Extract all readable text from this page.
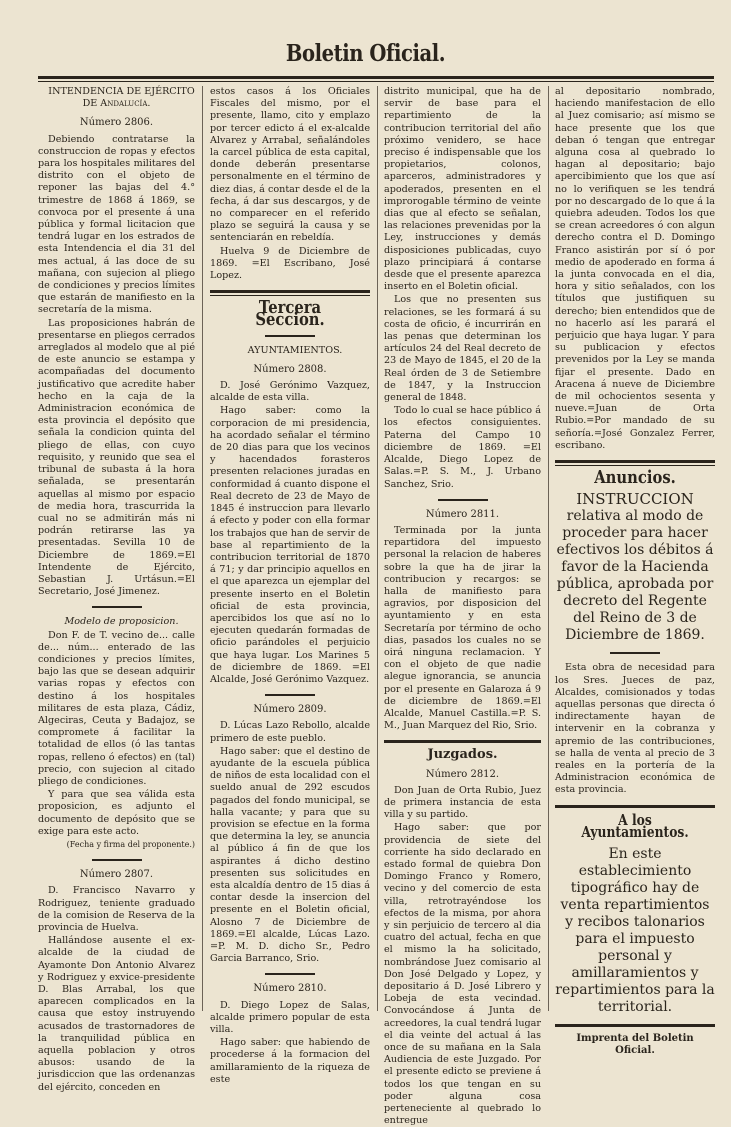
Boletin Oficial.

INTENDENCIA DE EJÉRCITO DE Andalucía.

Número 2806.

Debiendo contratarse la construccion de ropas y efectos para los hospitales militares del distrito con el objeto de reponer las bajas del 4.° trimestre de 1868 á 1869, se convoca por el presente á una pública y formal licitacion que tendrá lugar en los estrados de esta Intendencia el dia 31 del mes actual, á las doce de su mañana, con sujecion al pliego de condiciones y precios límites que estarán de manifiesto en la secretaría de la misma.

Las proposiciones habrán de presentarse en pliegos cerrados arreglados al modelo que al pié de este anuncio se estampa y acompañadas del documento justificativo que acredite haber hecho en la caja de la Administracion económica de esta provincia el depósito que señala la condicion quinta del pliego de ellas, con cuyo requisito, y reunido que sea el tribunal de subasta á la hora señalada, se presentarán aquellas al mismo por espacio de media hora, trascurrida la cual no se admitirán más ni podrán retirarse las ya presentadas. Sevilla 10 de Diciembre de 1869.=El Intendente de Ejército, Sebastian J. Urtásun.=El Secretario, José Jimenez.

Modelo de proposicion.

Don F. de T. vecino de... calle de... núm... enterado de las condiciones y precios límites, bajo las que se desean adquirir varias ropas y efectos con destino á los hospitales militares de esta plaza, Cádiz, Algeciras, Ceuta y Badajoz, se compromete á facilitar la totalidad de ellos (ó las tantas ropas, relleno ó efectos) en (tal) precio, con sujecion al citado pliego de condiciones.

Y para que sea válida esta proposicion, es adjunto el documento de depósito que se exige para este acto.

(Fecha y firma del proponente.)

Número 2807.

D. Francisco Navarro y Rodriguez, teniente graduado de la comision de Reserva de la provincia de Huelva.

Hallándose ausente el ex-alcalde de la ciudad de Ayamonte Don Antonio Alvarez y Rodriguez y exvice-presidente D. Blas Arrabal, los que aparecen complicados en la causa que estoy instruyendo acusados de trastornadores de la tranquilidad pública en aquella poblacion y otros abusos: usando de la jurisdiccion que las ordenanzas del ejército, conceden en

estos casos á los Oficiales Fiscales del mismo, por el presente, llamo, cito y emplazo por tercer edicto á el ex-alcalde Alvarez y Arrabal, señalándoles la carcel pública de esta capital, donde deberán presentarse personalmente en el término de diez dias, á contar desde el de la fecha, á dar sus descargos, y de no comparecer en el referido plazo se seguirá la causa y se sentenciarán en rebeldía.

Huelva 9 de Diciembre de 1869. =El Escribano, José Lopez.

Tercera Seccion.

AYUNTAMIENTOS.

Número 2808.

D. José Gerónimo Vazquez, alcalde de esta villa.

Hago saber: como la corporacion de mi presidencia, ha acordado señalar el término de 20 dias para que los vecinos y hacendados forasteros presenten relaciones juradas en conformidad á cuanto dispone el Real decreto de 23 de Mayo de 1845 é instruccion para llevarlo á efecto y poder con ella formar los trabajos que han de servir de base al repartimiento de la contribucion territorial de 1870 á 71; y dar principio aquellos en el que aparezca un ejemplar del presente inserto en el Boletin oficial de esta provincia, apercibidos los que así no lo ejecuten quedarán formadas de oficio parándoles el perjuicio que haya lugar. Los Marines 5 de diciembre de 1869. =El Alcalde, José Gerónimo Vazquez.

Número 2809.

D. Lúcas Lazo Rebollo, alcalde primero de este pueblo.

Hago saber: que el destino de ayudante de la escuela pública de niños de esta localidad con el sueldo anual de 292 escudos pagados del fondo municipal, se halla vacante; y para que su provision se efectue en la forma que determina la ley, se anuncia al público á fin de que los aspirantes á dicho destino presenten sus solicitudes en esta alcaldía dentro de 15 dias á contar desde la insercion del presente en el Boletin oficial, Alosno 7 de Diciembre de 1869.=El alcalde, Lúcas Lazo. =P. M. D. dicho Sr., Pedro Garcia Barranco, Srio.

Número 2810.

D. Diego Lopez de Salas, alcalde primero popular de esta villa.

Hago saber: que habiendo de procederse á la formacion del amillaramiento de la riqueza de este

distrito municipal, que ha de servir de base para el repartimiento de la contribucion territorial del año próximo venidero, se hace preciso é indispensable que los propietarios, colonos, aparceros, administradores y apoderados, presenten en el improrogable término de veinte dias que al efecto se señalan, las relaciones prevenidas por la Ley, instrucciones y demás disposiciones publicadas, cuyo plazo principiará á contarse desde que el presente aparezca inserto en el Boletin oficial.

Los que no presenten sus relaciones, se les formará á su costa de oficio, é incurrirán en las penas que determinan los artículos 24 del Real decreto de 23 de Mayo de 1845, el 20 de la Real órden de 3 de Setiembre de 1847, y la Instruccion general de 1848.

Todo lo cual se hace público á los efectos consiguientes. Paterna del Campo 10 diciembre de 1869. =El Alcalde, Diego Lopez de Salas.=P. S. M., J. Urbano Sanchez, Srio.

Número 2811.

Terminada por la junta repartidora del impuesto personal la relacion de haberes sobre la que ha de jirar la contribucion y recargos: se halla de manifiesto para agravios, por disposicion del ayuntamiento y en esta Secretaría por término de ocho dias, pasados los cuales no se oirá ninguna reclamacion. Y con el objeto de que nadie alegue ignorancia, se anuncia por el presente en Galaroza á 9 de diciembre de 1869.=El Alcalde, Manuel Castilla.=P. S. M., Juan Marquez del Rio, Srio.

Juzgados.
Número 2812.

Don Juan de Orta Rubio, Juez de primera instancia de esta villa y su partido.

Hago saber: que por providencia de siete del corriente ha sido declarado en estado formal de quiebra Don Domingo Franco y Romero, vecino y del comercio de esta villa, retrotrayéndose los efectos de la misma, por ahora y sin perjuicio de tercero al dia cuatro del actual, fecha en que el mismo la ha solicitado, nombrándose Juez comisario al Don José Delgado y Lopez, y depositario á D. José Librero y Lobeja de esta vecindad. Convocándose á Junta de acreedores, la cual tendrá lugar el dia veinte del actual á las once de su mañana en la Sala Audiencia de este Juzgado. Por el presente edicto se previene á todos los que tengan en su poder alguna cosa perteneciente al quebrado lo entregue

al depositario nombrado, haciendo manifestacion de ello al Juez comisario; así mismo se hace presente que los que deban ó tengan que entregar alguna cosa al quebrado lo hagan al depositario; bajo apercibimiento que los que así no lo verifiquen se les tendrá por no descargado de lo que á la quiebra adeuden. Todos los que se crean acreedores ó con algun derecho contra el D. Domingo Franco asistirán por sí ó por medio de apoderado en forma á la junta convocada en el dia, hora y sitio señalados, con los títulos que justifiquen su derecho; bien entendidos que de no hacerlo así les parará el perjuicio que haya lugar. Y para su publicacion y efectos prevenidos por la Ley se manda fijar el presente. Dado en Aracena á nueve de Diciembre de mil ochocientos sesenta y nueve.=Juan de Orta Rubio.=Por mandado de su señoría.=José Gonzalez Ferrer, escribano.

Anuncios.
INSTRUCCION
relativa al modo de proceder para hacer efectivos los débitos á favor de la Hacienda pública, aprobada por decreto del Regente del Reino de 3 de Diciembre de 1869.

Esta obra de necesidad para los Sres. Jueces de paz, Alcaldes, comisionados y todas aquellas personas que directa ó indirectamente hayan de intervenir en la cobranza y apremio de las contribuciones, se halla de venta al precio de 3 reales en la portería de la Administracion económica de esta provincia.

A los Ayuntamientos.
En este establecimiento tipográfico hay de venta repartimientos y recibos talonarios para el impuesto personal y amillaramientos y repartimientos para la territorial.
Imprenta del Boletin Oficial.
